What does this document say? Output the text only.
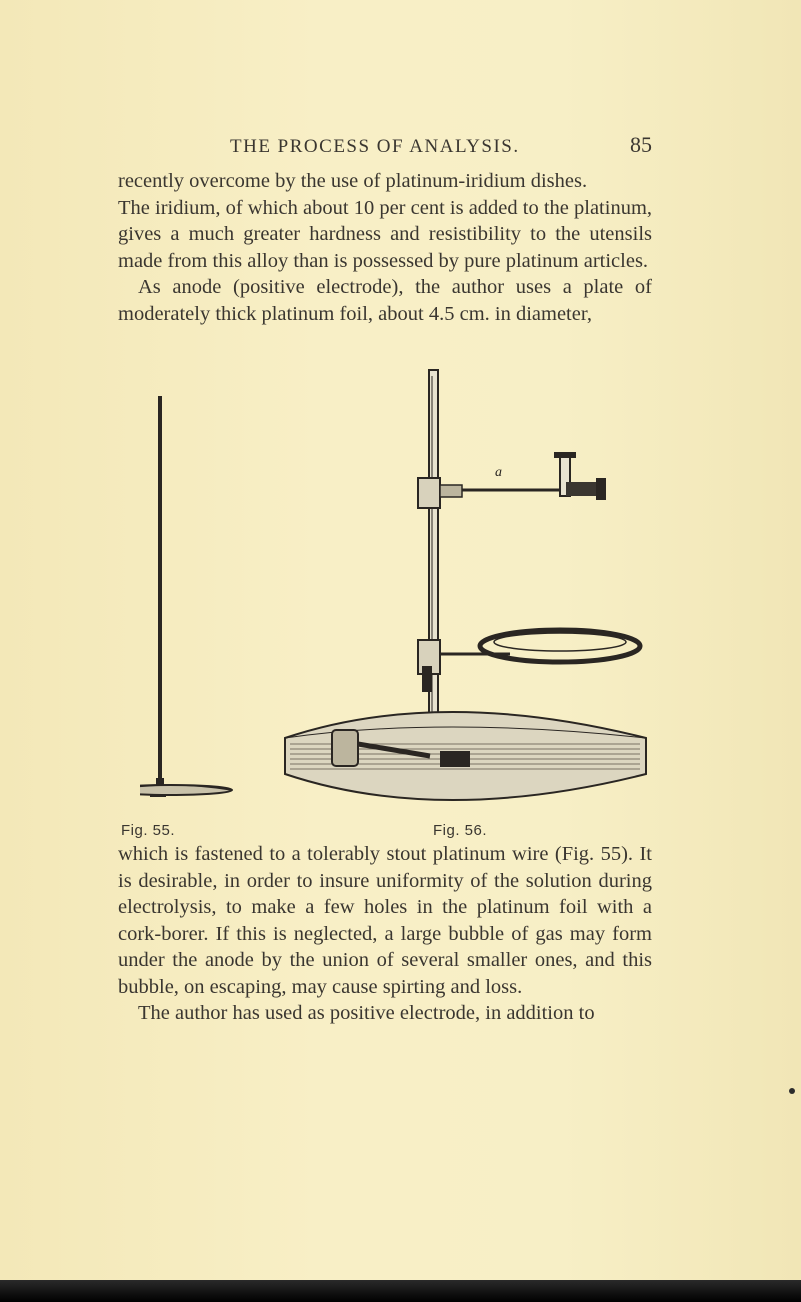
THE PROCESS OF ANALYSIS.	85

recently overcome by the use of platinum-iridium dishes.

The iridium, of which about 10 per cent is added to the platinum, gives a much greater hardness and resistibility to the utensils made from this alloy than is possessed by pure platinum articles.

As anode (positive electrode), the author uses a plate of moderately thick platinum foil, about 4.5 cm. in diameter,

a
Fig. 55.	Fig. 56.

which is fastened to a tolerably stout platinum wire (Fig. 55). It is desirable, in order to insure uniformity of the solution during electrolysis, to make a few holes in the platinum foil with a cork-borer. If this is neglected, a large bubble of gas may form under the anode by the union of several smaller ones, and this bubble, on escaping, may cause spirting and loss.

The author has used as positive electrode, in addition to
